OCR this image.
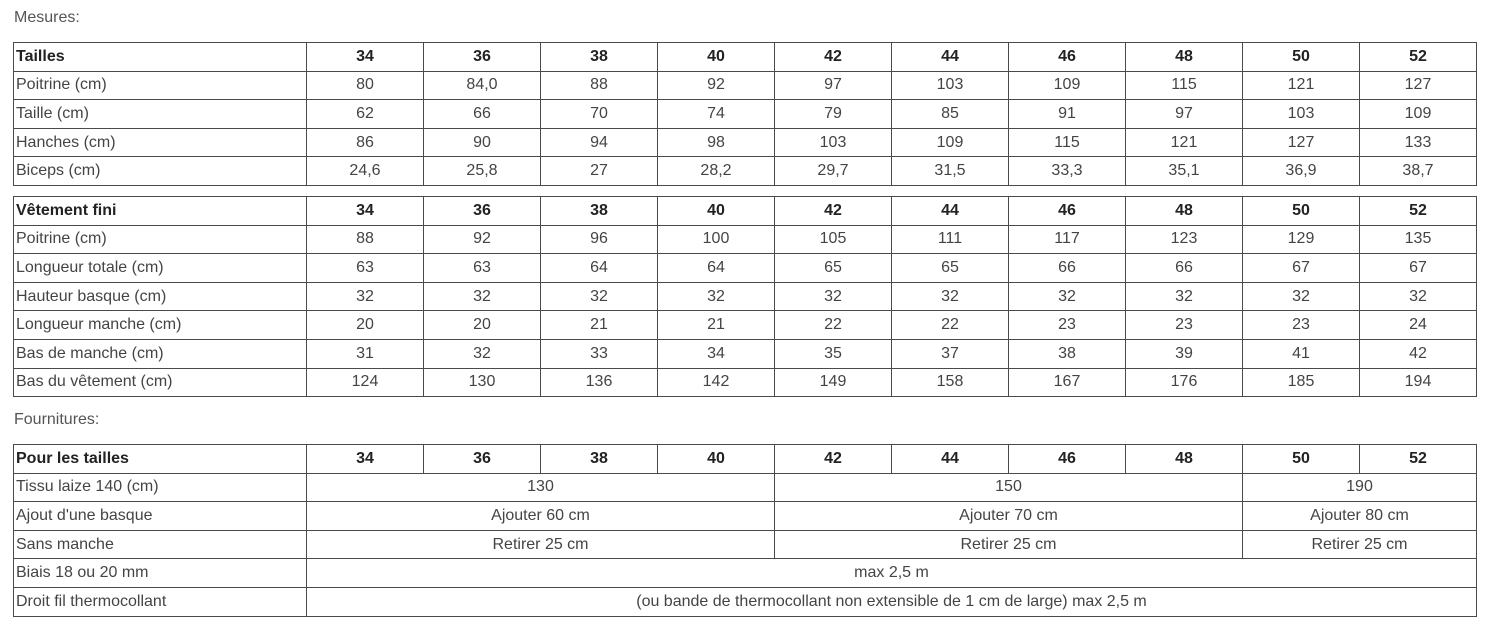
Mesures:

Tailles	34	36	38	40	42	44	46	48	50	52
Poitrine (cm)	80	84,0	88	92	97	103	109	115	121	127
Taille (cm)	62	66	70	74	79	85	91	97	103	109
Hanches (cm)	86	90	94	98	103	109	115	121	127	133
Biceps (cm)	24,6	25,8	27	28,2	29,7	31,5	33,3	35,1	36,9	38,7
Vêtement fini	34	36	38	40	42	44	46	48	50	52
Poitrine (cm)	88	92	96	100	105	111	117	123	129	135
Longueur totale (cm)	63	63	64	64	65	65	66	66	67	67
Hauteur basque (cm)	32	32	32	32	32	32	32	32	32	32
Longueur manche (cm)	20	20	21	21	22	22	23	23	23	24
Bas de manche (cm)	31	32	33	34	35	37	38	39	41	42
Bas du vêtement (cm)	124	130	136	142	149	158	167	176	185	194

Fournitures:

Pour les tailles	34	36	38	40	42	44	46	48	50	52
Tissu laize 140 (cm)	130				150				190	
Ajout d'une basque	Ajouter 60 cm				Ajouter 70 cm				Ajouter 80 cm	
Sans manche	Retirer 25 cm				Retirer 25 cm				Retirer 25 cm	
Biais 18 ou 20 mm	max 2,5 m									
Droit fil thermocollant	(ou bande de thermocollant non extensible de 1 cm de large) max 2,5 m									
